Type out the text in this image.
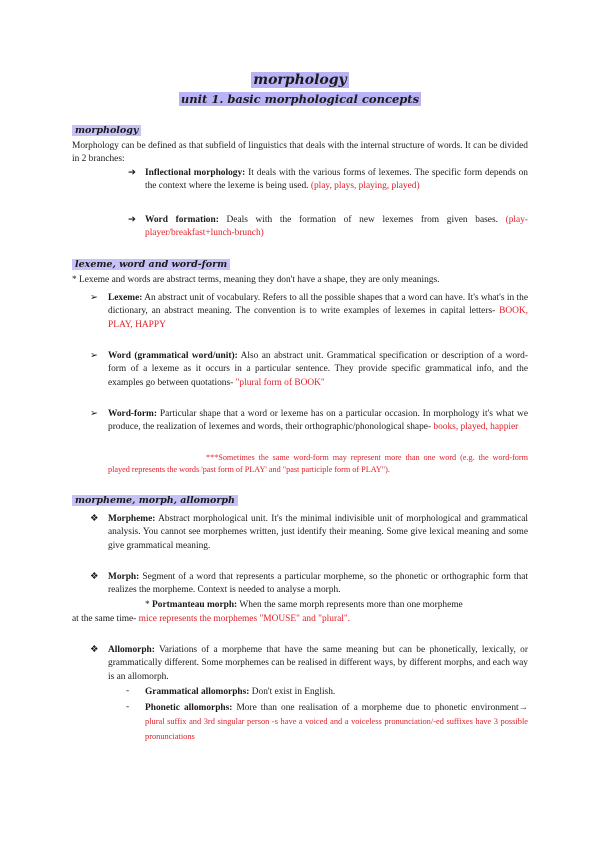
morphology
unit 1. basic morphological concepts
morphology
Morphology can be defined as that subfield of linguistics that deals with the internal structure of words. It can be divided in 2 branches:
➔ Inflectional morphology: It deals with the various forms of lexemes. The specific form depends on the context where the lexeme is being used. (play, plays, playing, played)
➔ Word formation: Deals with the formation of new lexemes from given bases. (play-player/breakfast+lunch-brunch)
lexeme, word and word-form
* Lexeme and words are abstract terms, meaning they don't have a shape, they are only meanings.
➢ Lexeme: An abstract unit of vocabulary. Refers to all the possible shapes that a word can have. It's what's in the dictionary, an abstract meaning. The convention is to write examples of lexemes in capital letters- BOOK, PLAY, HAPPY
➢ Word (grammatical word/unit): Also an abstract unit. Grammatical specification or description of a word-form of a lexeme as it occurs in a particular sentence. They provide specific grammatical info, and the examples go between quotations- "plural form of BOOK"
➢ Word-form: Particular shape that a word or lexeme has on a particular occasion. In morphology it's what we produce, the realization of lexemes and words, their orthographic/phonological shape- books, played, happier
***Sometimes the same word-form may represent more than one word (e.g. the word-form played represents the words 'past form of PLAY' and "past participle form of PLAY").
morpheme, morph, allomorph
❖ Morpheme: Abstract morphological unit. It's the minimal indivisible unit of morphological and grammatical analysis. You cannot see morphemes written, just identify their meaning. Some give lexical meaning and some give grammatical meaning.
❖ Morph: Segment of a word that represents a particular morpheme, so the phonetic or orthographic form that realizes the morpheme. Context is needed to analyse a morph.
* Portmanteau morph: When the same morph represents more than one morpheme
at the same time- mice represents the morphemes "MOUSE" and "plural".
❖ Allomorph: Variations of a morpheme that have the same meaning but can be phonetically, lexically, or grammatically different. Some morphemes can be realised in different ways, by different morphs, and each way is an allomorph.
- Grammatical allomorphs: Don't exist in English.
- Phonetic allomorphs: More than one realisation of a morpheme due to phonetic environment→ plural suffix and 3rd singular person -s have a voiced and a voiceless pronunciation/-ed suffixes have 3 possible pronunciations
